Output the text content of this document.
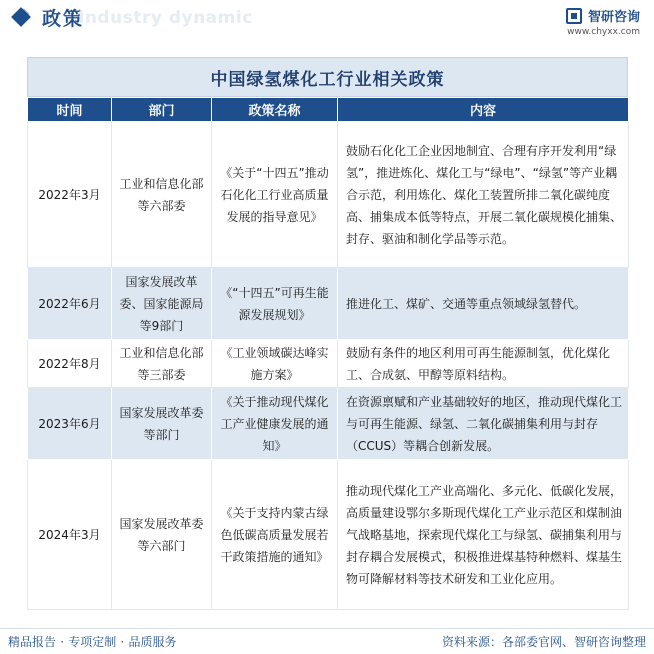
政策
Industry dynamic	智研咨询
www.chyxx.com
中国绿氢煤化工行业相关政策
时间	部门	政策名称	内容
2022年3月	工业和信息化部等六部委	《关于“十四五”推动石化化工行业高质量发展的指导意见》	鼓励石化化工企业因地制宜、合理有序开发利用“绿氢”，推进炼化、煤化工与“绿电”、“绿氢”等产业耦合示范，利用炼化、煤化工装置所排二氧化碳纯度高、捕集成本低等特点，开展二氧化碳规模化捕集、封存、驱油和制化学品等示范。
2022年6月	国家发展改革委、国家能源局等9部门	《“十四五”可再生能源发展规划》	推进化工、煤矿、交通等重点领域绿氢替代。
2022年8月	工业和信息化部等三部委	《工业领域碳达峰实施方案》	鼓励有条件的地区利用可再生能源制氢，优化煤化工、合成氨、甲醇等原料结构。
2023年6月	国家发展改革委等部门	《关于推动现代煤化工产业健康发展的通知》	在资源禀赋和产业基础较好的地区，推动现代煤化工与可再生能源、绿氢、二氧化碳捕集利用与封存（CCUS）等耦合创新发展。
2024年3月	国家发展改革委等六部门	《关于支持内蒙古绿色低碳高质量发展若干政策措施的通知》	推动现代煤化工产业高端化、多元化、低碳化发展，高质量建设鄂尔多斯现代煤化工产业示范区和煤制油气战略基地，探索现代煤化工与绿氢、碳捕集利用与封存耦合发展模式，积极推进煤基特种燃料、煤基生物可降解材料等技术研发和工业化应用。
精品报告 · 专项定制 · 品质服务	资料来源：各部委官网、智研咨询整理
